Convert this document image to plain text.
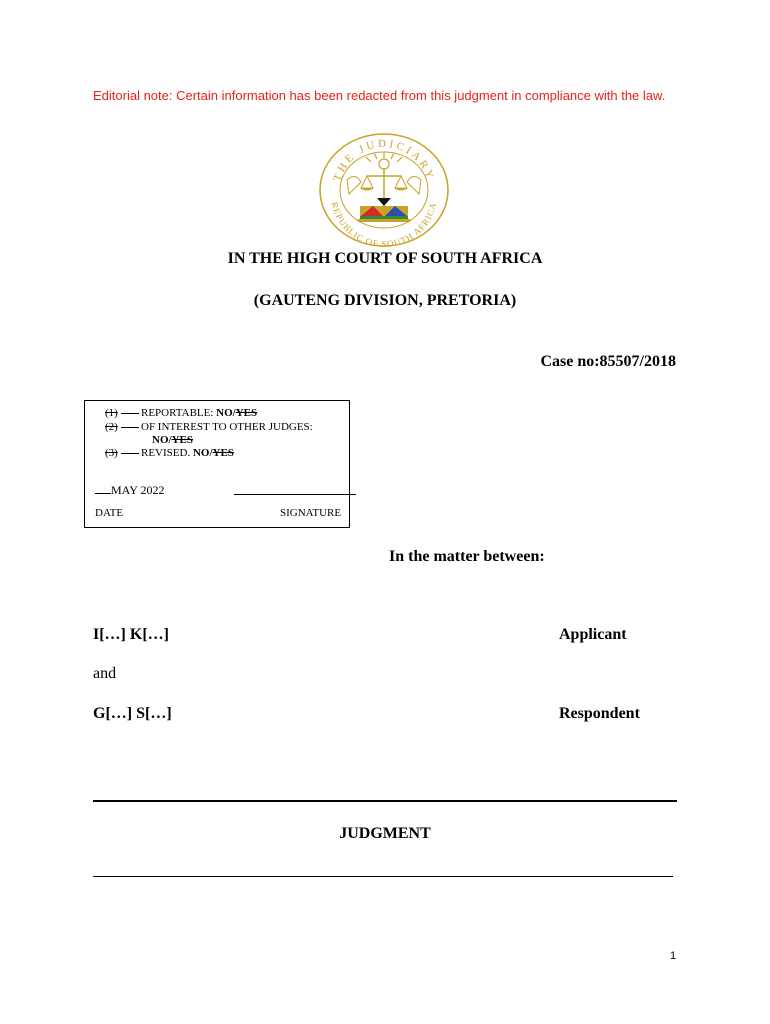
Editorial note: Certain information has been redacted from this judgment in compliance with the law.
THE JUDICIARY
REPUBLIC OF SOUTH AFRICA
IN THE HIGH COURT OF SOUTH AFRICA
(GAUTENG DIVISION, PRETORIA)
Case no:85507/2018
(1) REPORTABLE: NO/YES
(2) OF INTEREST TO OTHER JUDGES:
NO/YES
(3) REVISED. NO/YES
MAY 2022
DATE	SIGNATURE
In the matter between:
I[…] K[…]	Applicant
and
G[…] S[…]	Respondent
JUDGMENT
1
